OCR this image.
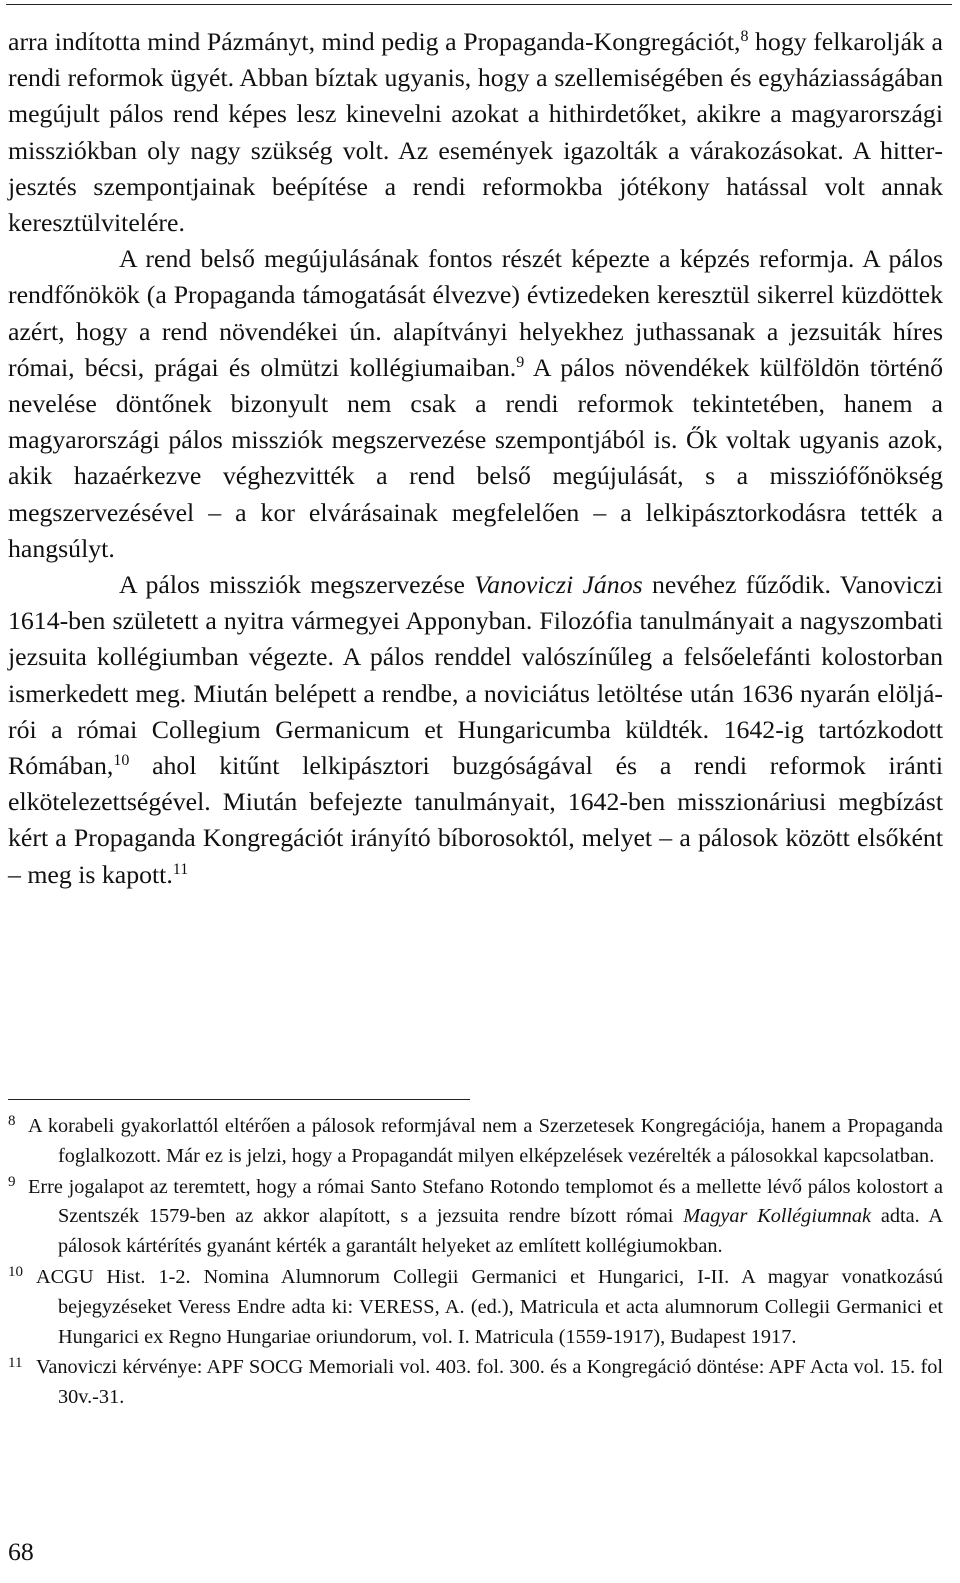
arra indította mind Pázmányt, mind pedig a Propaganda-Kongregációt,$^8$ hogy felkarolják a rendi reformok ügyét. Abban bíztak ugyanis, hogy a szellemiségében és egyháziasságában megújult pálos rend képes lesz kinevelni azokat a hithirdetőket, akikre a magyarországi missziókban oly nagy szükség volt. Az események igazolták a várakozásokat. A hitterjesztés szempontjainak beépítése a rendi reformokba jótékony hatással volt annak keresztülvitelére.

A rend belső megújulásának fontos részét képezte a képzés reformja. A pálos rendfőnökök (a Propaganda támogatását élvezve) évtizedeken keresztül sikerrel küzdöttek azért, hogy a rend növendékei ún. alapítványi helyekhez juthassanak a jezsuiták híres római, bécsi, prágai és olmützi kollégiumaiban.$^9$ A pálos növendékek külföldön történő nevelése döntőnek bizonyult nem csak a rendi reformok tekintetében, hanem a magyarországi pálos missziók megszervezése szempontjából is. Ők voltak ugyanis azok, akik hazaérkezve véghezvitték a rend belső megújulását, s a missziófőnökség megszervezésével – a kor elvárásainak megfelelően – a lelkipásztorkodásra tették a hangsúlyt.

A pálos missziók megszervezése Vanoviczi János nevéhez fűződik. Vanoviczi 1614-ben született a nyitra vármegyei Apponyban. Filozófia tanulmányait a nagyszombati jezsuita kollégiumban végezte. A pálos renddel valószínűleg a felsőelefánti kolostorban ismerkedett meg. Miután belépett a rendbe, a noviciátus letöltése után 1636 nyarán elöljárói a római Collegium Germanicum et Hungaricumba küldték. 1642-ig tartózkodott Rómában,$^{10}$ ahol kitűnt lelkipásztori buzgóságával és a rendi reformok iránti elkötelezettségével. Miután befejezte tanulmányait, 1642-ben misszionáriusi megbízást kért a Propaganda Kongregációt irányító bíborosoktól, melyet – a pálosok között elsőként – meg is kapott.$^{11}$

8 A korabeli gyakorlattól eltérően a pálosok reformjával nem a Szerzetesek Kongregációja, hanem a Propaganda foglalkozott. Már ez is jelzi, hogy a Propagandát milyen elképzelések vezérelték a pálosokkal kapcsolatban.

9 Erre jogalapot az teremtett, hogy a római Santo Stefano Rotondo templomot és a mellette lévő pálos kolostort a Szentszék 1579-ben az akkor alapított, s a jezsuita rendre bízott római Magyar Kollégiumnak adta. A pálosok kártérítés gyanánt kérték a garantált helyeket az említett kollégiumokban.

10 ACGU Hist. 1-2. Nomina Alumnorum Collegii Germanici et Hungarici, I-II. A magyar vonatkozású bejegyzéseket Veress Endre adta ki: VERESS, A. (ed.), Matricula et acta alumnorum Collegii Germanici et Hungarici ex Regno Hungariae oriundorum, vol. I. Matricula (1559-1917), Budapest 1917.

11 Vanoviczi kérvénye: APF SOCG Memoriali vol. 403. fol. 300. és a Kongregáció döntése: APF Acta vol. 15. fol 30v.-31.

68
